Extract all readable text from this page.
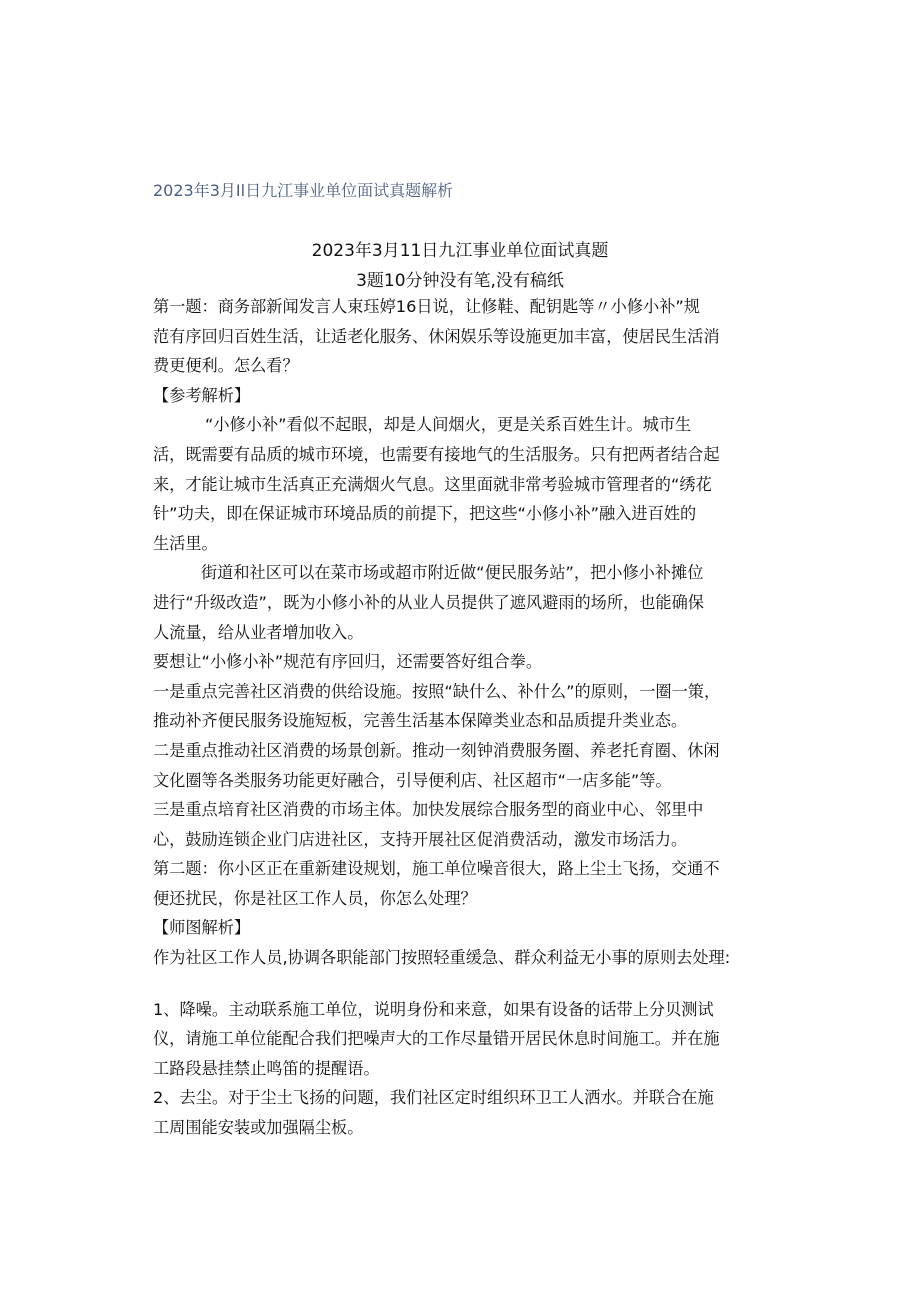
2023年3月Il日九江事业单位面试真题解析
2023年3月11日九江事业单位面试真题
3题10分钟没有笔,没有稿纸
第一题：商务部新闻发言人束珏婷16日说，让修鞋、配钥匙等〃小修小补”规
范有序回归百姓生活，让适老化服务、休闲娱乐等设施更加丰富，使居民生活消
费更便利。怎么看？
【参考解析】
“小修小补”看似不起眼，却是人间烟火，更是关系百姓生计。城市生
活，既需要有品质的城市环境，也需要有接地气的生活服务。只有把两者结合起
来，才能让城市生活真正充满烟火气息。这里面就非常考验城市管理者的“绣花
针”功夫，即在保证城市环境品质的前提下，把这些“小修小补”融入进百姓的
生活里。
街道和社区可以在菜市场或超市附近做“便民服务站”，把小修小补摊位
进行“升级改造”，既为小修小补的从业人员提供了遮风避雨的场所，也能确保
人流量，给从业者增加收入。
要想让“小修小补”规范有序回归，还需要答好组合拳。
一是重点完善社区消费的供给设施。按照“缺什么、补什么”的原则，一圈一策，
推动补齐便民服务设施短板，完善生活基本保障类业态和品质提升类业态。
二是重点推动社区消费的场景创新。推动一刻钟消费服务圈、养老托育圈、休闲
文化圈等各类服务功能更好融合，引导便利店、社区超市“一店多能”等。
三是重点培育社区消费的市场主体。加快发展综合服务型的商业中心、邻里中
心，鼓励连锁企业门店进社区，支持开展社区促消费活动，激发市场活力。
第二题：你小区正在重新建设规划，施工单位噪音很大，路上尘土飞扬，交通不
便还扰民，你是社区工作人员，你怎么处理？
【师图解析】
作为社区工作人员,协调各职能部门按照轻重缓急、群众利益无小事的原则去处理:
1、降噪。主动联系施工单位，说明身份和来意，如果有设备的话带上分贝测试
仪，请施工单位能配合我们把噪声大的工作尽量错开居民休息时间施工。并在施
工路段悬挂禁止鸣笛的提醒语。
2、去尘。对于尘土飞扬的问题，我们社区定时组织环卫工人洒水。并联合在施
工周围能安装或加强隔尘板。
